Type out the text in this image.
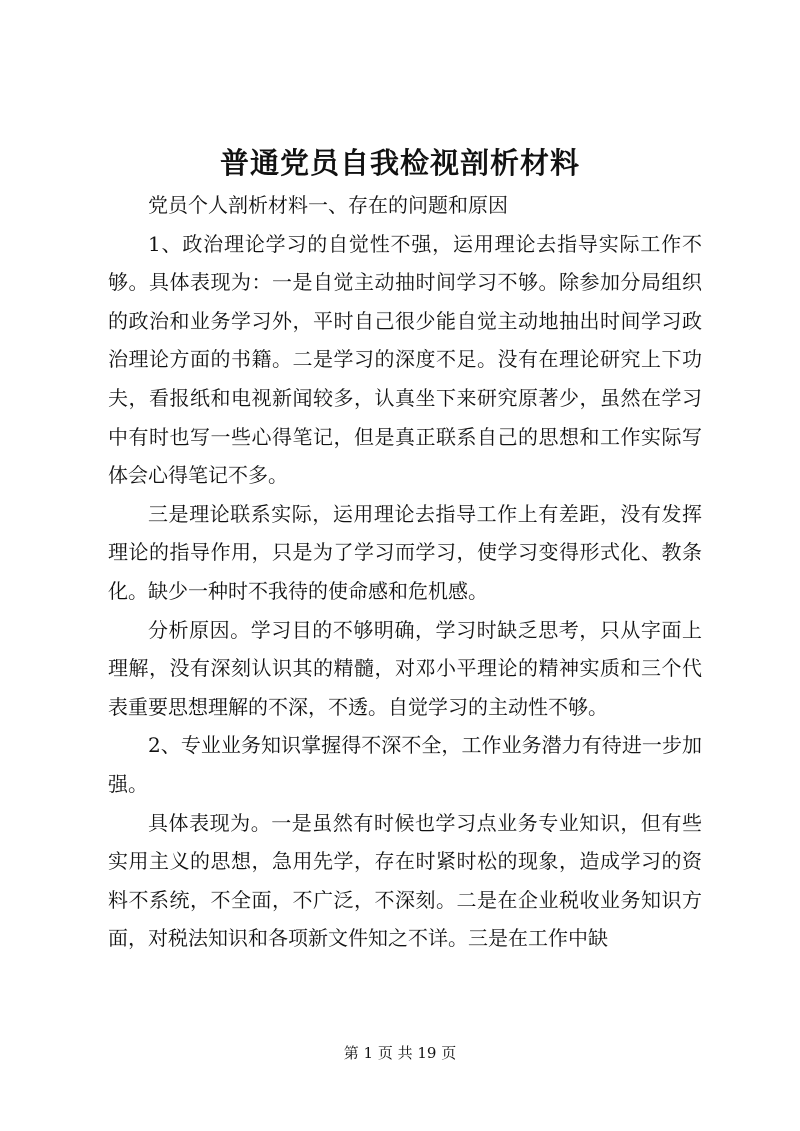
普通党员自我检视剖析材料

党员个人剖析材料一、存在的问题和原因

1、政治理论学习的自觉性不强，运用理论去指导实际工作不够。具体表现为：一是自觉主动抽时间学习不够。除参加分局组织的政治和业务学习外，平时自己很少能自觉主动地抽出时间学习政治理论方面的书籍。二是学习的深度不足。没有在理论研究上下功夫，看报纸和电视新闻较多，认真坐下来研究原著少，虽然在学习中有时也写一些心得笔记，但是真正联系自己的思想和工作实际写体会心得笔记不多。

三是理论联系实际，运用理论去指导工作上有差距，没有发挥理论的指导作用，只是为了学习而学习，使学习变得形式化、教条化。缺少一种时不我待的使命感和危机感。

分析原因。学习目的不够明确，学习时缺乏思考，只从字面上理解，没有深刻认识其的精髓，对邓小平理论的精神实质和三个代表重要思想理解的不深，不透。自觉学习的主动性不够。

2、专业业务知识掌握得不深不全，工作业务潜力有待进一步加强。

具体表现为。一是虽然有时候也学习点业务专业知识，但有些实用主义的思想，急用先学，存在时紧时松的现象，造成学习的资料不系统，不全面，不广泛，不深刻。二是在企业税收业务知识方面，对税法知识和各项新文件知之不详。三是在工作中缺

第 1 页 共 19 页
